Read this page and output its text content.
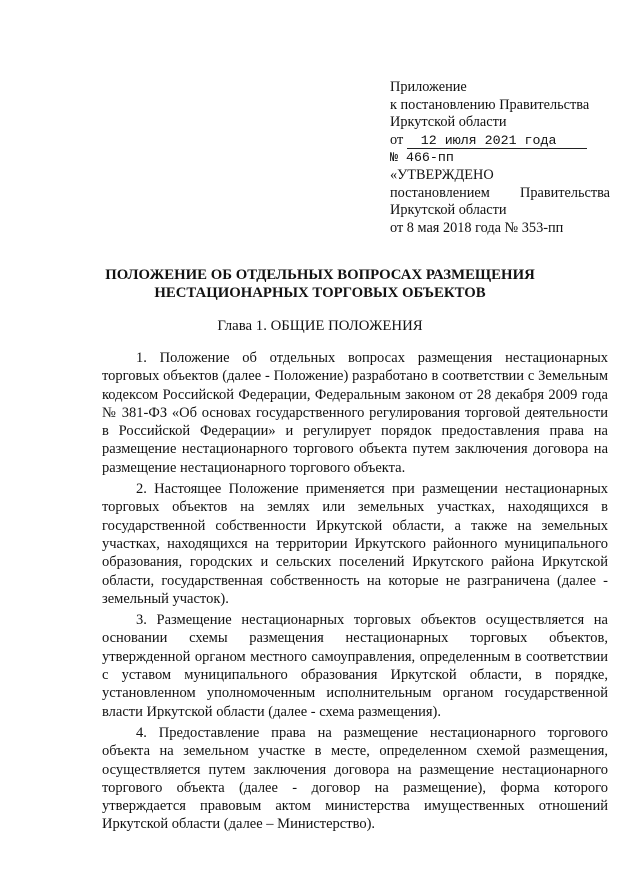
Приложение
к постановлению Правительства
Иркутской области
от 12 июля 2021 года
№ 466-пп
«УТВЕРЖДЕНО
постановлением Правительства
Иркутской области
от 8 мая 2018 года № 353-пп
ПОЛОЖЕНИЕ ОБ ОТДЕЛЬНЫХ ВОПРОСАХ РАЗМЕЩЕНИЯ
НЕСТАЦИОНАРНЫХ ТОРГОВЫХ ОБЪЕКТОВ
Глава 1. ОБЩИЕ ПОЛОЖЕНИЯ

1. Положение об отдельных вопросах размещения нестационарных торговых объектов (далее - Положение) разработано в соответствии с Земельным кодексом Российской Федерации, Федеральным законом от 28 декабря 2009 года № 381-ФЗ «Об основах государственного регулирования торговой деятельности в Российской Федерации» и регулирует порядок предоставления права на размещение нестационарного торгового объекта путем заключения договора на размещение нестационарного торгового объекта.

2. Настоящее Положение применяется при размещении нестационарных торговых объектов на землях или земельных участках, находящихся в государственной собственности Иркутской области, а также на земельных участках, находящихся на территории Иркутского районного муниципального образования, городских и сельских поселений Иркутского района Иркутской области, государственная собственность на которые не разграничена (далее - земельный участок).

3. Размещение нестационарных торговых объектов осуществляется на основании схемы размещения нестационарных торговых объектов, утвержденной органом местного самоуправления, определенным в соответствии с уставом муниципального образования Иркутской области, в порядке, установленном уполномоченным исполнительным органом государственной власти Иркутской области (далее - схема размещения).

4. Предоставление права на размещение нестационарного торгового объекта на земельном участке в месте, определенном схемой размещения, осуществляется путем заключения договора на размещение нестационарного торгового объекта (далее - договор на размещение), форма которого утверждается правовым актом министерства имущественных отношений Иркутской области (далее – Министерство).
